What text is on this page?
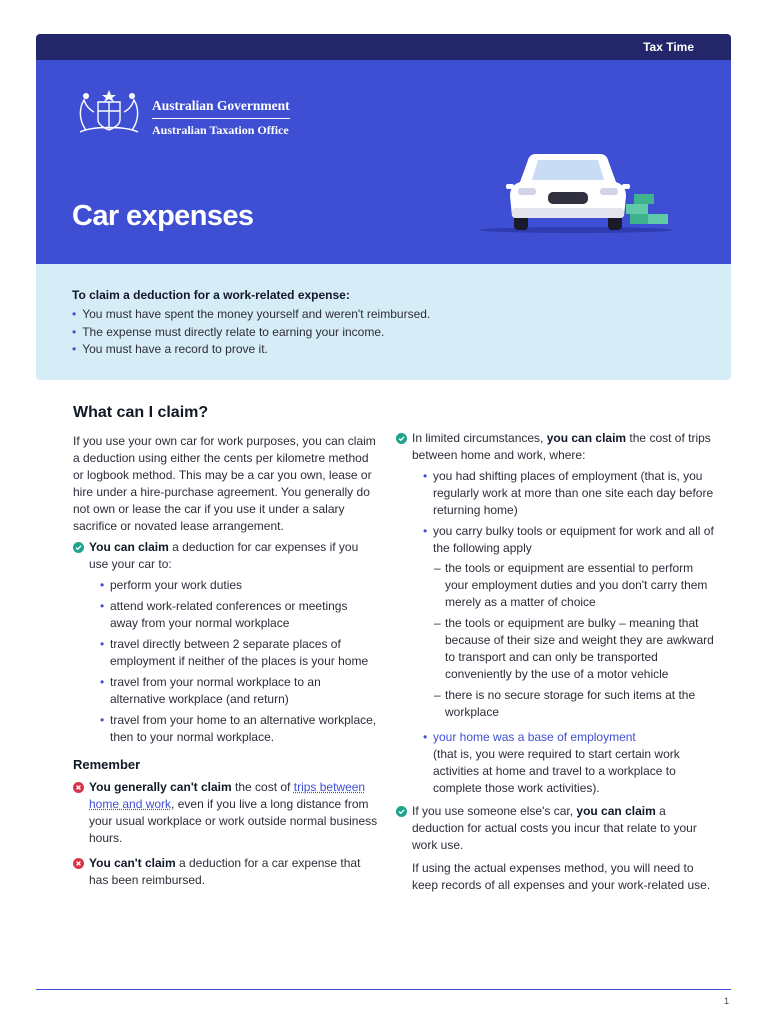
Tax Time
Australian Government
Australian Taxation Office
Car expenses
To claim a deduction for a work-related expense:
• You must have spent the money yourself and weren't reimbursed.
• The expense must directly relate to earning your income.
• You must have a record to prove it.
What can I claim?

If you use your own car for work purposes, you can claim a deduction using either the cents per kilometre method or logbook method. This may be a car you own, lease or hire under a hire-purchase agreement. You generally do not own or lease the car if you use it under a salary sacrifice or novated lease arrangement.

You can claim a deduction for car expenses if you use your car to:
• perform your work duties
• attend work-related conferences or meetings away from your normal workplace
• travel directly between 2 separate places of employment if neither of the places is your home
• travel from your normal workplace to an alternative workplace (and return)
• travel from your home to an alternative workplace, then to your normal workplace.
Remember
You generally can't claim the cost of trips between home and work, even if you live a long distance from your usual workplace or work outside normal business hours.
You can't claim a deduction for a car expense that has been reimbursed.
In limited circumstances, you can claim the cost of trips between home and work, where:
• you had shifting places of employment (that is, you regularly work at more than one site each day before returning home)
• you carry bulky tools or equipment for work and all of the following apply
– the tools or equipment are essential to perform your employment duties and you don't carry them merely as a matter of choice
– the tools or equipment are bulky – meaning that because of their size and weight they are awkward to transport and can only be transported conveniently by the use of a motor vehicle
– there is no secure storage for such items at the workplace
• your home was a base of employment
(that is, you were required to start certain work activities at home and travel to a workplace to complete those work activities).
If you use someone else's car, you can claim a deduction for actual costs you incur that relate to your work use.

If using the actual expenses method, you will need to keep records of all expenses and your work-related use.

1
